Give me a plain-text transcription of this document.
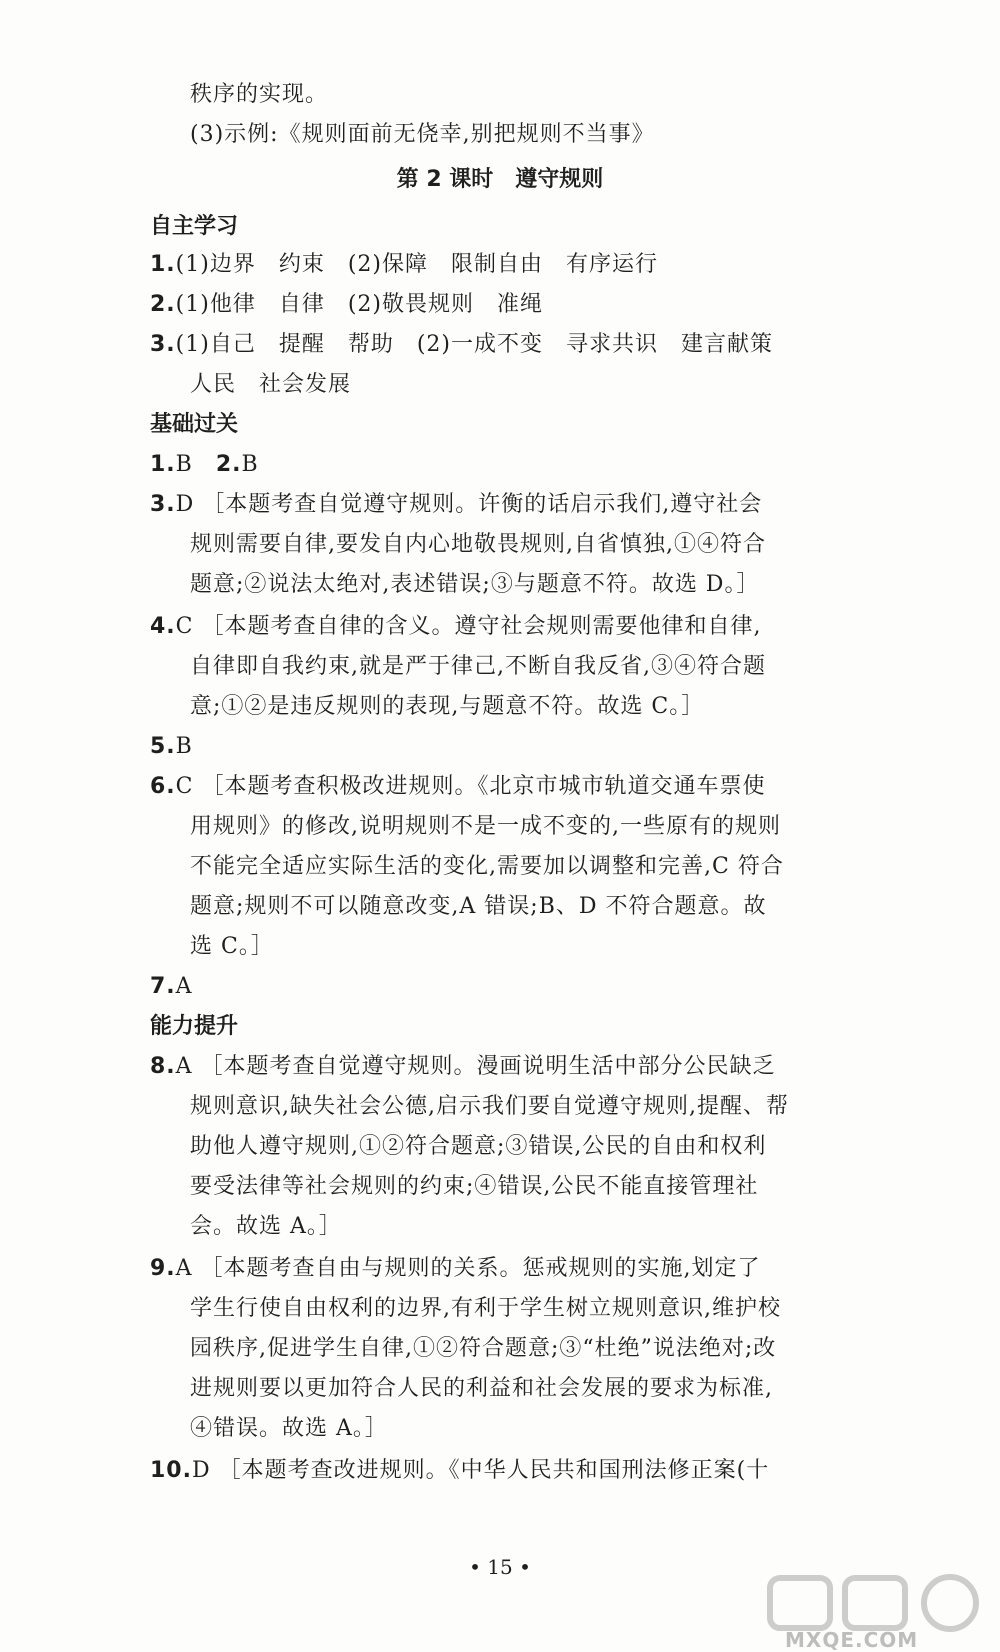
秩序的实现。
(3)示例:《规则面前无侥幸,别把规则不当事》
第 2 课时　遵守规则
自主学习
1.(1)边界　约束　(2)保障　限制自由　有序运行
2.(1)他律　自律　(2)敬畏规则　准绳
3.(1)自己　提醒　帮助　(2)一成不变　寻求共识　建言献策
人民　社会发展
基础过关
1.B　 2.B
3.D ［本题考查自觉遵守规则。许衡的话启示我们,遵守社会
规则需要自律,要发自内心地敬畏规则,自省慎独,①④符合
题意;②说法太绝对,表述错误;③与题意不符。故选 D。］
4.C ［本题考查自律的含义。遵守社会规则需要他律和自律,
自律即自我约束,就是严于律己,不断自我反省,③④符合题
意;①②是违反规则的表现,与题意不符。故选 C。］
5.B
6.C ［本题考查积极改进规则。《北京市城市轨道交通车票使
用规则》的修改,说明规则不是一成不变的,一些原有的规则
不能完全适应实际生活的变化,需要加以调整和完善,C 符合
题意;规则不可以随意改变,A 错误;B、D 不符合题意。故
选 C。］
7.A
能力提升
8.A ［本题考查自觉遵守规则。漫画说明生活中部分公民缺乏
规则意识,缺失社会公德,启示我们要自觉遵守规则,提醒、帮
助他人遵守规则,①②符合题意;③错误,公民的自由和权利
要受法律等社会规则的约束;④错误,公民不能直接管理社
会。故选 A。］
9.A ［本题考查自由与规则的关系。惩戒规则的实施,划定了
学生行使自由权利的边界,有利于学生树立规则意识,维护校
园秩序,促进学生自律,①②符合题意;③“杜绝”说法绝对;改
进规则要以更加符合人民的利益和社会发展的要求为标准,
④错误。故选 A。］
10.D ［本题考查改进规则。《中华人民共和国刑法修正案(十
• 15 •
MXQE.COM
